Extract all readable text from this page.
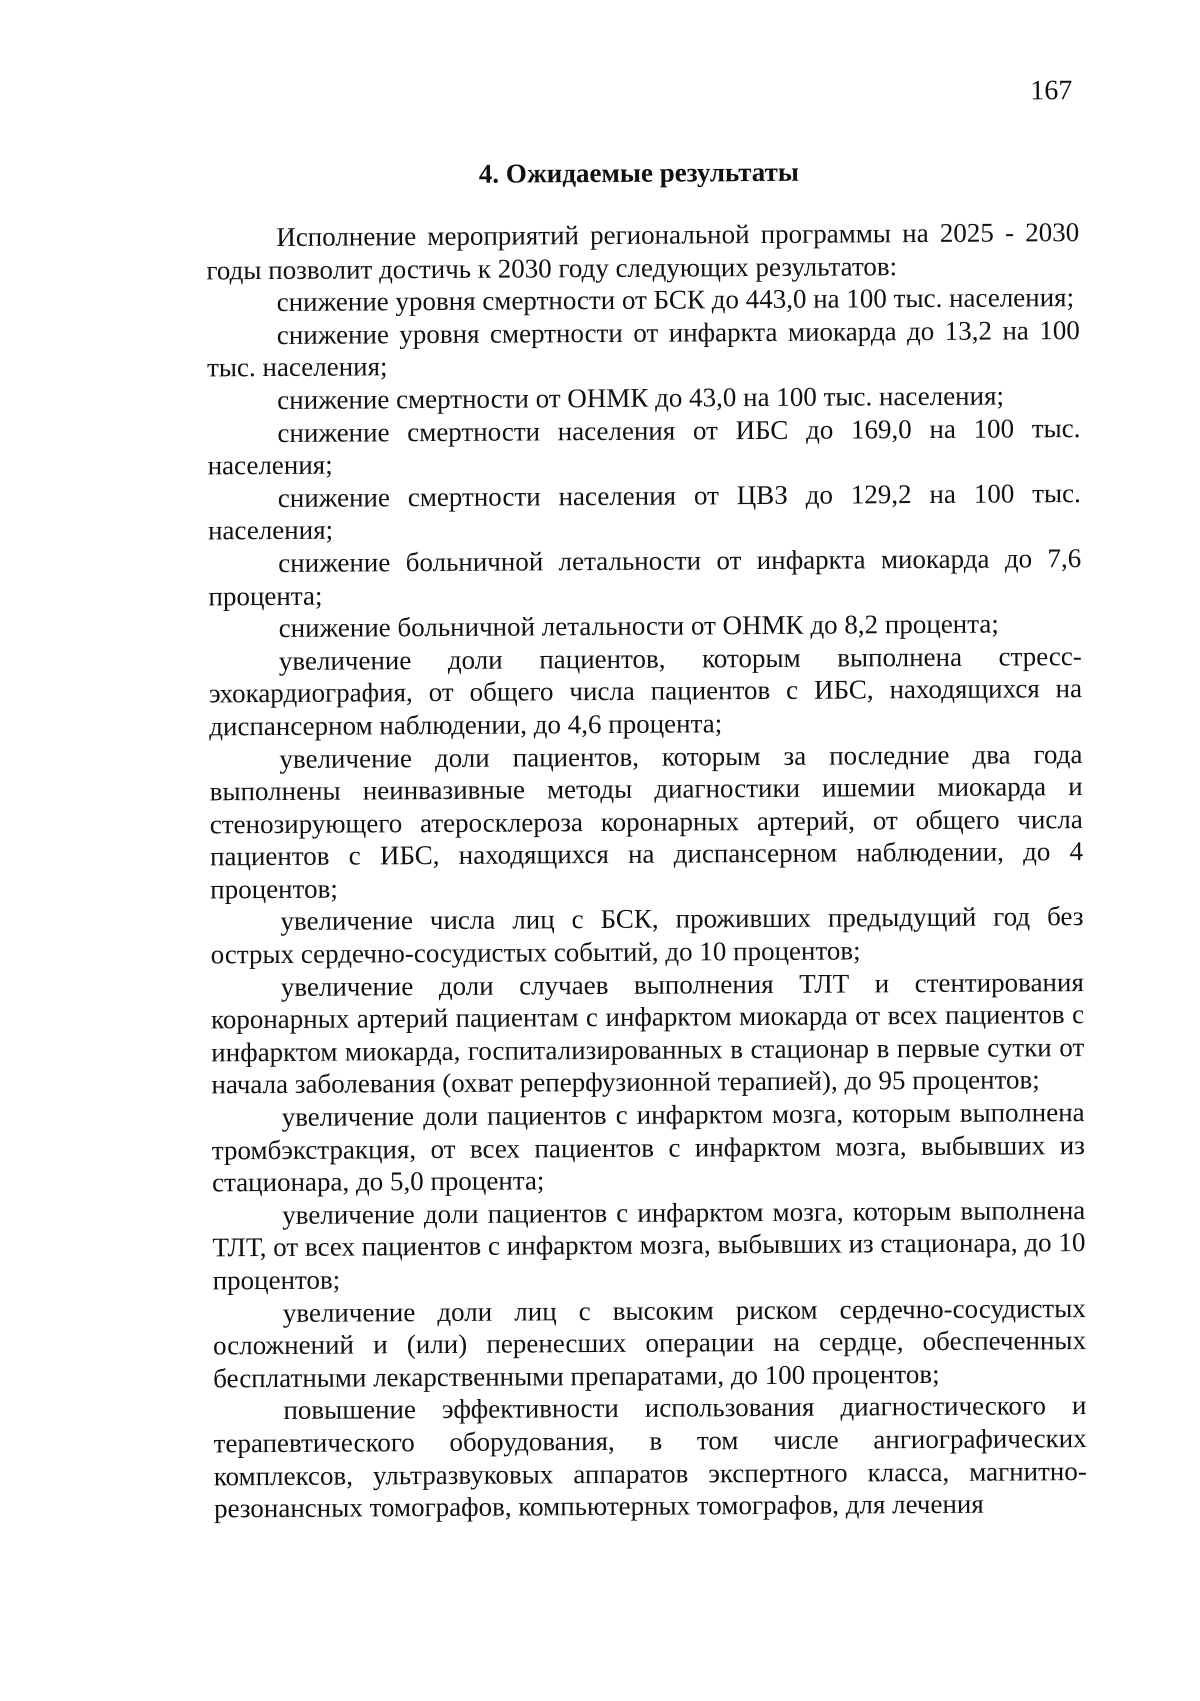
167
4. Ожидаемые результаты

Исполнение мероприятий региональной программы на 2025 - 2030 годы позволит достичь к 2030 году следующих результатов:

снижение уровня смертности от БСК до 443,0 на 100 тыс. населения;

снижение уровня смертности от инфаркта миокарда до 13,2 на 100 тыс. населения;

снижение смертности от ОНМК до 43,0 на 100 тыс. населения;

снижение смертности населения от ИБС до 169,0 на 100 тыс. населения;

снижение смертности населения от ЦВЗ до 129,2 на 100 тыс. населения;

снижение больничной летальности от инфаркта миокарда до 7,6 процента;

снижение больничной летальности от ОНМК до 8,2 процента;

увеличение доли пациентов, которым выполнена стресс-эхокардиография, от общего числа пациентов с ИБС, находящихся на диспансерном наблюдении, до 4,6 процента;

увеличение доли пациентов, которым за последние два года выполнены неинвазивные методы диагностики ишемии миокарда и стенозирующего атеросклероза коронарных артерий, от общего числа пациентов с ИБС, находящихся на диспансерном наблюдении, до 4 процентов;

увеличение числа лиц с БСК, проживших предыдущий год без острых сердечно-сосудистых событий, до 10 процентов;

увеличение доли случаев выполнения ТЛТ и стентирования коронарных артерий пациентам с инфарктом миокарда от всех пациентов с инфарктом миокарда, госпитализированных в стационар в первые сутки от начала заболевания (охват реперфузионной терапией), до 95 процентов;

увеличение доли пациентов с инфарктом мозга, которым выполнена тромбэкстракция, от всех пациентов с инфарктом мозга, выбывших из стационара, до 5,0 процента;

увеличение доли пациентов с инфарктом мозга, которым выполнена ТЛТ, от всех пациентов с инфарктом мозга, выбывших из стационара, до 10 процентов;

увеличение доли лиц с высоким риском сердечно-сосудистых осложнений и (или) перенесших операции на сердце, обеспеченных бесплатными лекарственными препаратами, до 100 процентов;

повышение эффективности использования диагностического и терапевтического оборудования, в том числе ангиографических комплексов, ультразвуковых аппаратов экспертного класса, магнитно-резонансных томографов, компьютерных томографов, для лечения
